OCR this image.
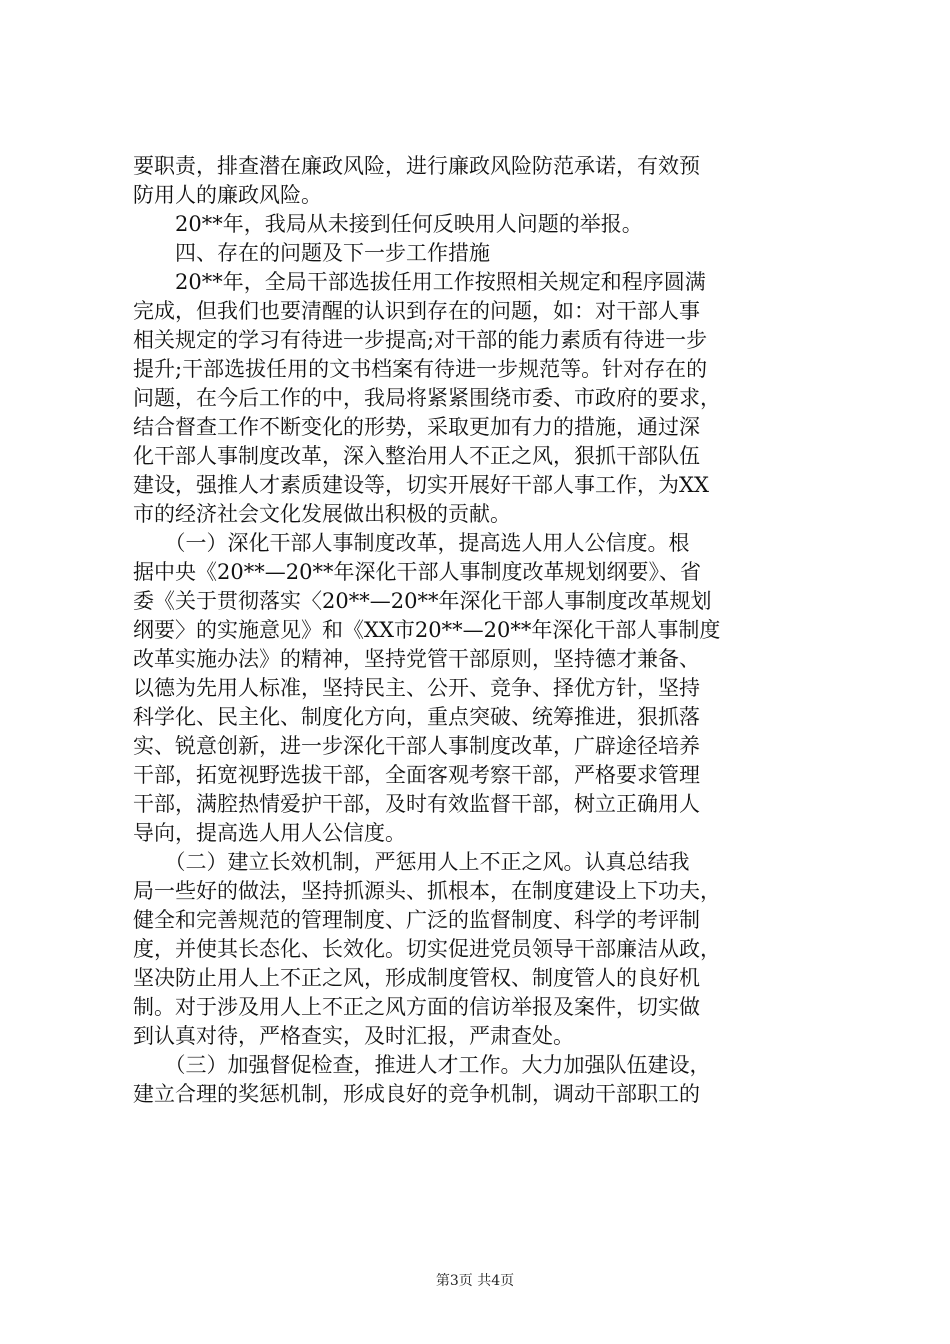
要职责，排查潜在廉政风险，进行廉政风险防范承诺，有效预
防用人的廉政风险。
　　20**年，我局从未接到任何反映用人问题的举报。
　　四、存在的问题及下一步工作措施
　　20**年，全局干部选拔任用工作按照相关规定和程序圆满
完成，但我们也要清醒的认识到存在的问题，如：对干部人事
相关规定的学习有待进一步提高;对干部的能力素质有待进一步
提升;干部选拔任用的文书档案有待进一步规范等。针对存在的
问题，在今后工作的中，我局将紧紧围绕市委、市政府的要求，
结合督查工作不断变化的形势，采取更加有力的措施，通过深
化干部人事制度改革，深入整治用人不正之风，狠抓干部队伍
建设，强推人才素质建设等，切实开展好干部人事工作，为XX
市的经济社会文化发展做出积极的贡献。
　　（一）深化干部人事制度改革，提高选人用人公信度。根
据中央《20**—20**年深化干部人事制度改革规划纲要》、省
委《关于贯彻落实〈20**—20**年深化干部人事制度改革规划
纲要〉的实施意见》和《XX市20**—20**年深化干部人事制度
改革实施办法》的精神，坚持党管干部原则，坚持德才兼备、
以德为先用人标准，坚持民主、公开、竞争、择优方针，坚持
科学化、民主化、制度化方向，重点突破、统筹推进，狠抓落
实、锐意创新，进一步深化干部人事制度改革，广辟途径培养
干部，拓宽视野选拔干部，全面客观考察干部，严格要求管理
干部，满腔热情爱护干部，及时有效监督干部，树立正确用人
导向，提高选人用人公信度。
　　（二）建立长效机制，严惩用人上不正之风。认真总结我
局一些好的做法，坚持抓源头、抓根本，在制度建设上下功夫，
健全和完善规范的管理制度、广泛的监督制度、科学的考评制
度，并使其长态化、长效化。切实促进党员领导干部廉洁从政，
坚决防止用人上不正之风，形成制度管权、制度管人的良好机
制。对于涉及用人上不正之风方面的信访举报及案件，切实做
到认真对待，严格查实，及时汇报，严肃查处。
　　（三）加强督促检查，推进人才工作。大力加强队伍建设，
建立合理的奖惩机制，形成良好的竞争机制，调动干部职工的
第3页 共4页
